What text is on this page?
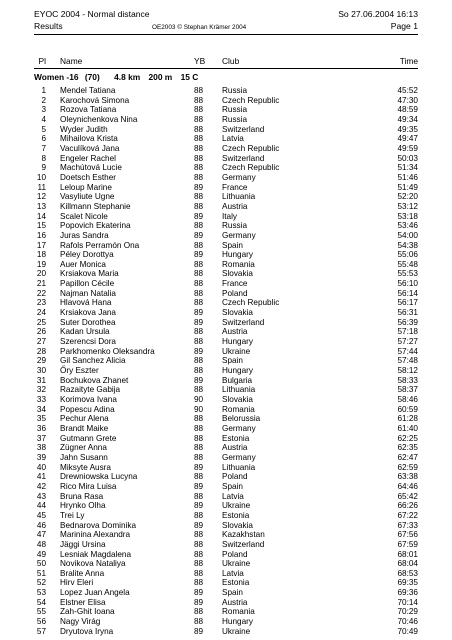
EYOC 2004 - Normal distance	So 27.06.2004 16:13
Results	OE2003 © Stephan Krämer 2004	Page 1
Pl Name	YB Club	Time
Women -16 (70) 4.8 km 200 m 15 C
1 Mendel Tatiana	88 Russia	45:52
2 Karochová Simona	88 Czech Republic	47:30
3 Rozova Tatiana	88 Russia	48:59
4 Oleynichenkova Nina	88 Russia	49:34
5 Wyder Judith	88 Switzerland	49:35
6 Mihailova Krista	88 Latvia	49:47
7 Vaculíková Jana	88 Czech Republic	49:59
8 Engeler Rachel	88 Switzerland	50:03
9 Machútová Lucie	88 Czech Republic	51:34
10 Doetsch Esther	88 Germany	51:46
11 Leloup Marine	89 France	51:49
12 Vasyliute Ugne	88 Lithuania	52:20
13 Killmann Stephanie	88 Austria	53:12
14 Scalet Nicole	89 Italy	53:18
15 Popovich Ekaterina	88 Russia	53:46
16 Juras Sandra	89 Germany	54:00
17 Rafols Perramón Ona	88 Spain	54:38
18 Péley Dorottya	89 Hungary	55:06
19 Auer Monica	88 Romania	55:48
20 Krsiakova Maria	88 Slovakia	55:53
21 Papillon Cécile	88 France	56:10
22 Najman Natalia	88 Poland	56:14
23 Hlavová Hana	88 Czech Republic	56:17
24 Krsiakova Jana	89 Slovakia	56:31
25 Suter Dorothea	89 Switzerland	56:39
26 Kadan Ursula	88 Austria	57:18
27 Szerencsi Dora	88 Hungary	57:27
28 Parkhomenko Oleksandra	89 Ukraine	57:44
29 Gil Sanchez Alicia	88 Spain	57:48
30 Őry Eszter	88 Hungary	58:12
31 Bochukova Zhanet	89 Bulgaria	58:33
32 Razaityte Gabija	88 Lithuania	58:37
33 Korimova Ivana	90 Slovakia	58:46
34 Popescu Adina	90 Romania	60:59
35 Pechur Alena	88 Belorussia	61:28
36 Brandt Maike	88 Germany	61:40
37 Gutmann Grete	88 Estonia	62:25
38 Zügner Anna	88 Austria	62:35
39 Jahn Susann	88 Germany	62:47
40 Miksyte Ausra	89 Lithuania	62:59
41 Drewniowska Lucyna	88 Poland	63:38
42 Rico Mira Luisa	89 Spain	64:46
43 Bruna Rasa	88 Latvia	65:42
44 Hrynko Olha	89 Ukraine	66:26
45 Trei Ly	88 Estonia	67:22
46 Bednarova Dominika	89 Slovakia	67:33
47 Marinina Alexandra	88 Kazakhstan	67:56
48 Jäggi Ursina	88 Switzerland	67:59
49 Lesniak Magdalena	88 Poland	68:01
50 Novikova Nataliya	88 Ukraine	68:04
51 Bralite Anna	88 Latvia	68:53
52 Hirv Eleri	88 Estonia	69:35
53 Lopez Juan Angela	89 Spain	69:36
54 Elstner Elisa	89 Austria	70:14
55 Zah-Ghit Ioana	88 Romania	70:29
56 Nagy Virág	88 Hungary	70:46
57 Dryutova Iryna	89 Ukraine	70:49
